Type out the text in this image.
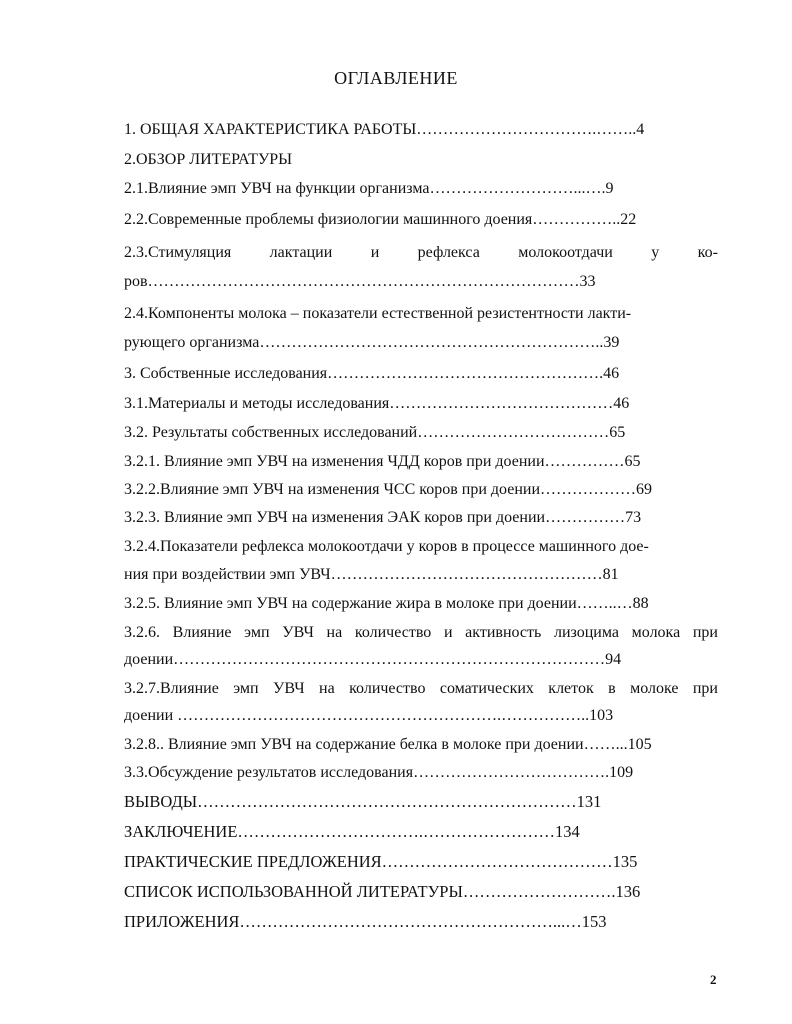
ОГЛАВЛЕНИЕ
1. ОБЩАЯ ХАРАКТЕРИСТИКА РАБОТЫ…………………………….……..4
2.ОБЗОР ЛИТЕРАТУРЫ
2.1.Влияние эмп УВЧ на функции организма………………………...….9
2.2.Современные проблемы физиологии машинного доения……………..22
2.3.Стимуляция лактации и рефлекса молокоотдачи у ко-
ров………………………………………………………………………33
2.4.Компоненты молока – показатели естественной резистентности лакти-
рующего организма………………………………………………………..39
3. Собственные исследования…………………………………………….46
3.1.Материалы и методы исследования……………………………………46
3.2. Результаты собственных исследований………………………………65
3.2.1. Влияние эмп УВЧ на изменения ЧДД коров при доении……………65
3.2.2.Влияние эмп УВЧ на изменения ЧСС коров при доении………………69
3.2.3. Влияние эмп УВЧ на изменения ЭАК коров при доении……………73
3.2.4.Показатели рефлекса молокоотдачи у коров в процессе машинного дое-
ния при воздействии эмп УВЧ……………………………………………81
3.2.5. Влияние эмп УВЧ на содержание жира в молоке при доении……..…88
3.2.6. Влияние эмп УВЧ на количество и активность лизоцима молока при
доении………………………………………………………………………94
3.2.7.Влияние эмп УВЧ на количество соматических клеток в молоке при
доении …………………………………………………….……………..103
3.2.8.. Влияние эмп УВЧ на содержание белка в молоке при доении……...105
3.3.Обсуждение результатов исследования……………………………….109
ВЫВОДЫ……………………………………………………………131
ЗАКЛЮЧЕНИЕ…………………………….……………………134
ПРАКТИЧЕСКИЕ ПРЕДЛОЖЕНИЯ……………………………………135
СПИСОК ИСПОЛЬЗОВАННОЙ ЛИТЕРАТУРЫ……………………….136
ПРИЛОЖЕНИЯ…………………………………………………...…153
2
